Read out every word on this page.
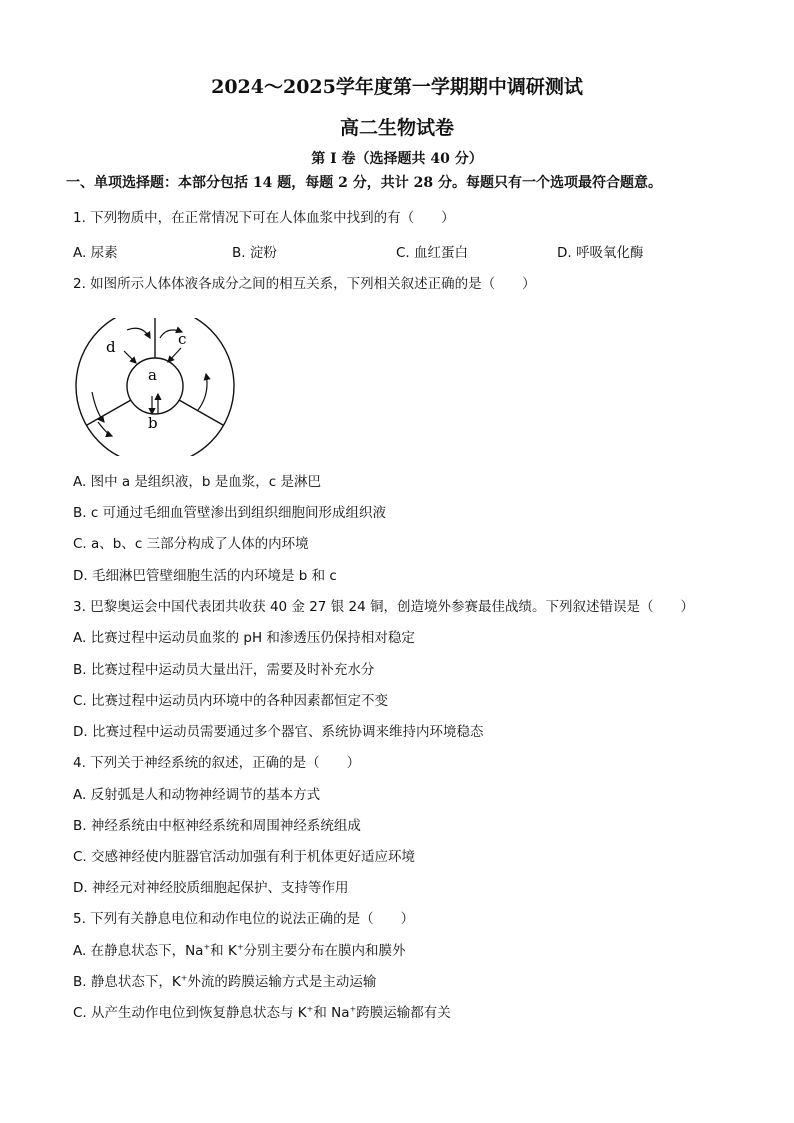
2024～2025学年度第一学期期中调研测试
高二生物试卷
第 I 卷（选择题共 40 分）
一、单项选择题：本部分包括 14 题，每题 2 分，共计 28 分。每题只有一个选项最符合题意。
1. 下列物质中，在正常情况下可在人体血浆中找到的有（　　）
A. 尿素	B. 淀粉	C. 血红蛋白	D. 呼吸氧化酶
2. 如图所示人体体液各成分之间的相互关系，下列相关叙述正确的是（　　）
d	c
a
b
A. 图中 a 是组织液，b 是血浆，c 是淋巴
B. c 可通过毛细血管壁渗出到组织细胞间形成组织液
C. a、b、c 三部分构成了人体的内环境
D. 毛细淋巴管壁细胞生活的内环境是 b 和 c
3. 巴黎奥运会中国代表团共收获 40 金 27 银 24 铜，创造境外参赛最佳战绩。下列叙述错误是（　　）
A. 比赛过程中运动员血浆的 pH 和渗透压仍保持相对稳定
B. 比赛过程中运动员大量出汗，需要及时补充水分
C. 比赛过程中运动员内环境中的各种因素都恒定不变
D. 比赛过程中运动员需要通过多个器官、系统协调来维持内环境稳态
4. 下列关于神经系统的叙述，正确的是（　　）
A. 反射弧是人和动物神经调节的基本方式
B. 神经系统由中枢神经系统和周围神经系统组成
C. 交感神经使内脏器官活动加强有利于机体更好适应环境
D. 神经元对神经胶质细胞起保护、支持等作用
5. 下列有关静息电位和动作电位的说法正确的是（　　）
A. 在静息状态下，Na+和 K+分别主要分布在膜内和膜外
B. 静息状态下，K+外流的跨膜运输方式是主动运输
C. 从产生动作电位到恢复静息状态与 K+和 Na+跨膜运输都有关
